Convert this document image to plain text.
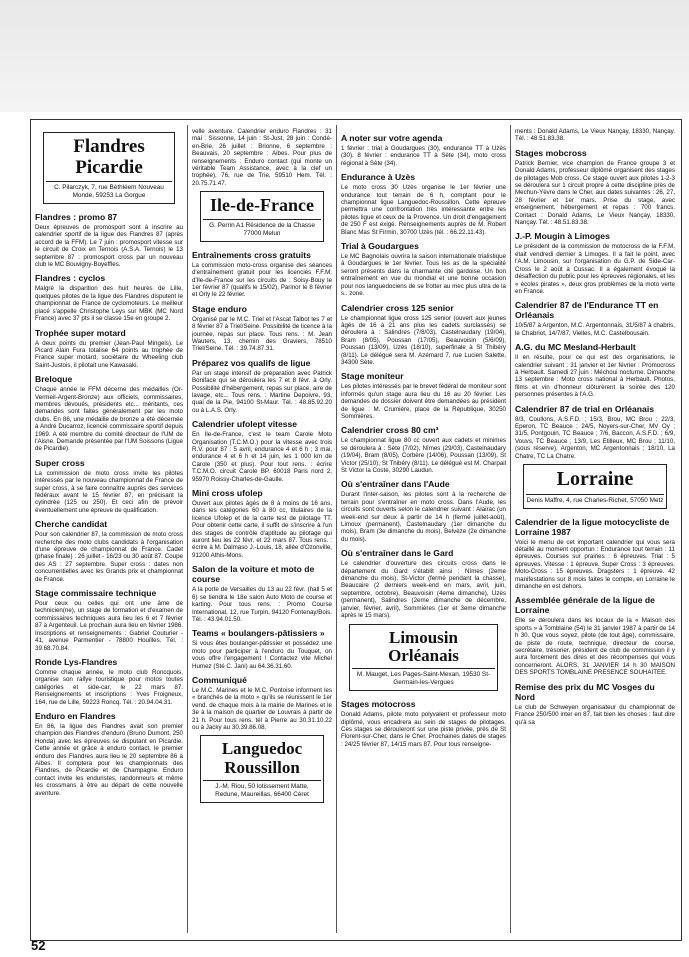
Flandres Picardie
C. Pilarczyk, 7, rue Béthléem Nouveau Monde, 59253 La Gorgue
Flandres : promo 87

Deux épreuves de promosport sont à inscrire au calendrier sportif de la ligue des Flandres 87 (après accord de la FFM). Le 7 juin : promosport vitesse sur le circuit de Croix en Ternois (A.S.A. Ternois) le 13 septembre 87 : promosport cross par un nouveau club le MC Bouvigny-Boyeffles.

Flandres : cyclos

Malgré la disparition des huit heures de Lille, quelques pilotes de la ligue des Flandres disputent le championnat de France de cyclomoteurs. Le meilleur placé s'appelle Christophe Leys sur MBK (MC Nord France) avec 37 pts il se classe 15e en groupe 2.

Trophée super motard

A deux points du premier (Jean-Paul Mingels). Le Picard Alain Fura totalise 64 points au trophée de France super motard, sociétaire du Wheeling club Saint-Justois, il pilotait une Kawasaki.

Breloque

Chaque année le FFM décerne des médailles (Or-Vermeil-Argent-Bronze) aux officiels, commissaires, membres dévoués, présidents etc... méritants, ces demandes sont faites généralement par les moto clubs. En 86, une médaille de bronze a été décernée à André Ducarroz, licencié commissaire sportif depuis 1969. A été membre du comité directeur de l'UM de l'Aisne. Demande présentée par l'UM Soissons (Ligue de Picardie).

Super cross

La commission de moto cross invite les pilotes intéressés par le nouveau championnat de France de super cross, à se faire connaître auprès des services fédéraux avant le 15 février 87, en précisant la cylindrée (125 ou 250). Et ceci afin de prévoir éventuellement une épreuve de qualification.

Cherche candidat

Pour son calendrier 87, la commission de moto cross recherche des moto clubs candidats à l'organisation d'une épreuve de championnat de France. Cadet (phase finale) : 26 juillet - 16/23 ou 30 août 87. Coupe des AS : 27 septembre. Super cross : dates non concurrentielles avec les Grands prix et championnat de France.

Stage commissaire technique

Pour ceux ou celles qui ont une âme de technicien(ne), un stage de formation et d'examen de commissaires techniques aura lieu les 6 et 7 février 87 à Argenteuil. Le prochain aura lieu en février 1986. Inscriptions et renseignements : Gabriel Couturier - 41, avenue Parmentier - 78800 Houilles. Tél. : 39.68.70.84.

Ronde Lys-Flandres

Comme chaque année, le moto club Roncquois, organise son rallye touristique pour motos toutes catégories et side-car, le 22 mars 87. Renseignements et inscriptions : Yves Froigneux, 164, rue de Lille, 59223 Roncq. Tél. : 20.94.04.31.

Enduro en Flandres

En 86, la ligue des Flandres avait son premier champion des Flandres d'enduro (Bruno Dumont, 250 Honda) avec les épreuves se disputant en Picardie. Cette année et grâce à enduro contact, le premier enduro des Flandres aura lieu le 20 septembre 86 à Aibes. Il comptera pour les championnats des Flandres, de Picardie et de Champagne. Enduro contact invite les enduristes, randonneurs et même les crossmans à être au départ de cette nouvelle aventure.

velle aventure. Calendrier enduro Flandres : 31 mai : Sissonne, 14 juin : St-Just, 28 juin : Condé-en-Brie, 26 juillet : Brionne, 6 septembre : Beauvais, 20 septembre : Aibes. Pour plus de renseignements : Enduro contact (qui monte un véritable Team Assistance, avec à la clef un trophée), 76, rue de Trie, 59510 Hem. Tél. : 20.75.71.47.

Ile-de-France
G. Perrin A1 Résidence de la Chasse 77000 Melun
Entraînements cross gratuits

La commission moto-cross organise des séances d'entraînement gratuit pour les licenciés F.F.M. d'Ile-de-France sur les circuits de : Soisy-Bouy le 1er février 87 (qualifs le 15/02), Parinor le 8 février et Orly le 22 février.

Stage enduro

Organisé par le M.C. Triel et l'Ascat Talbot les 7 et 8 février 87 à Triel/Seine. Possibilité de licence à la journée, repas sur place. Tous rens. : M. Jean Wauters, 13, chemin des Graviers, 78510 Triel/Seine. Tél. : 39.74.87.31.

Préparez vos qualifs de ligue

Par un stage intensif de préparation avec Patrick Boniface qui se déroulera les 7 et 8 févr. à Orly. Possibilité d'hébergement, repas sur place, aire de lavage, etc... Tous rens. : Martine Depoivre, 93, quai de la Pie, 94100 St-Maur. Tél. : 48.85.92.20 ou à L.A.S. Orly.

Calendrier ufolept vitesse

En Ile-de-France, c'est le team Carole Moto Organisation (T.C.M.O.) pour la vitesse avec trois R.V. pour 87 : 5 avril, endurance 4 et 6 h ; 3 mai, endurance 4 et 6 h et 14 juin, les 1 000 km de Carole (350 et plus). Pour tout rens. : écrire T.C.M.O. circuit Carole BP. 60018 Paris nord 2, 95970 Roissy-Charles-de-Gaulle.

Mini cross ufolep

Ouvert aux pilotes âgés de 8 à moins de 16 ans, dans les catégories 60 à 80 cc, titulaires de la licence Ufolep et de la carte test de pilotage TT. Pour obtenir cette carte, il suffit de s'inscrire à l'un des stages de contrôle d'aptitude au pilotage qui auront lieu les 22 févr. et 22 mars 87. Tous rens. : écrire à M. Dalmaso J.-Louis, 18, allée d'Ozonville, 91200 Athis-Mons.

Salon de la voiture et moto de course

A la porte de Versailles du 13 au 22 févr. (hall 5 et 6) se tiendra le 18e salon Auto Moto de course et karting. Pour tous rens. : Promo Course International, 12, rue Turpin, 94120 Fontenay/Bois. Tél. : 43.94.01.50.

Teams « boulangers-pâtissiers »

Si vous êtes boulanger-pâtissier et possédez une moto pour participer à l'enduro du Touquet, on vous offre l'engagement ! Contactez vite Michel Humez (Sté C. Jani) au 64.36.31.60.

Communiqué

Le M.C. Marines et le M.C. Pontoise informent les « branchés de la moto » qu'ils se réunissent le 1er vend. de chaque mois à la mairie de Marines et le 3e à la maison de quartier de Louvrais à partir de 21 h. Pour tous rens. tél à Pierre au 30.31.10.22 ou à Jacky au 30.39.86.08.

Languedoc Roussillon
J.-M. Riou, 50 lotissement Matte, Redune, Maureillas, 66400 Céret
A noter sur votre agenda

1 février : trial à Goudargues (30), endurance TT à Uzès (30). 8 février : endurance TT à Sète (34), moto cross régional à Sète (34).

Endurance à Uzès

Le moto cross 30 Uzès organise le 1er février une endurance tout terrain de 6 h, comptant pour le championnat ligue Languedoc-Roussillon. Cette épreuve permettra une confrontation très intéressante entre les pilotes ligue et ceux de la Provence. Un droit d'engagement de 250 F est exigé. Renseignements auprès de M. Robert Blanc Mas St Firmin, 30700 Uzès (tél. : 66.22.11.43).

Trial à Goudargues

Le MC Bagnolais ouvrira la saison internationale trialistique à Goudargues le 1er février. Tous les as de la spécialité seront présents dans la charmante cité gardoise. Un bon entraînement en vue du mondial et une bonne occasion pour nos languedociens de se frotter au mec plus ultra de la s.. zone.

Calendrier cross 125 senior

Le championnat ligue cross 125 senior (ouvert aux jeunes âgés de 16 à 21 ans plus les cadets surclassés) se déroulera à : Salindres (7/8/03), Castelnaudary (19/04), Bram (8/05), Poussan (17/05), Beauvoisin (5/6/09), Poussan (13/09), Uzès (18/10), superfinale à St Thibéry (8/11). Le délégué sera M. Azémard 7, rue Lucien Salette, 34300 Sète.

Stage moniteur

Les pilotes intéressés par le brevet fédéral de moniteur sont informés qu'un stage aura lieu du 16 au 20 février. Les demandes de dossier doivent être demandées au président de ligue : M. Crumière, place de la République, 30250 Sommières.

Calendrier cross 80 cm³

Le championnat ligue 80 cc ouvert aux cadets et minimes se déroulera à : Sète (7/02), Nîmes (29/03), Castelnaudary (19/04), Bram (8/05), Corbère (14/06), Poussan (13/09), St Victor (25/10), St Thibéry (8/11). Le délégué est M. Charpail St Victor la Coste, 30290 Laudun.

Où s'entraîner dans l'Aude

Durant l'inter-saison, les pilotes sont à la recherche de terrain pour s'entraîner en moto cross. Dans l'Aude, les circuits sont ouverts selon le calendrier suivant : Alairac (un week-end sur deux à partir de 14 h (fermé juillet-août), Limoux (permanent), Castelnaudary (1er dimanche du mois), Bram (3e dimanche du mois), Belvèze (2e dimanche du mois).

Où s'entraîner dans le Gard

Le calendrier d'ouverture des circuits cross dans le département du Gard s'établit ainsi : Nîmes (2eme dimanche du mois), St-Victor (fermé pendant la chasse), Beaucaire (2 derniers week-end en mars, avril, juin, septembre, octobre), Beauvoisin (4eme dimanche), Uzès (permanent), Salindres (2eme dimanche de décembre, janvier, février, avril), Sommières (1er et 3eme dimanche après le 15 mars).

Limousin Orléanais
M. Mauget, Les Pages-Saint-Mexan, 19530 St-Germain-les-Vergues
Stages motocross

Donald Adams, pilote moto polyvalent et professeur moto diplômé, vous encadrera au sein de stages de pilotages. Ces stages se dérouleront sur une piste privée, près de St Florent-sur-Cher, dans le Cher. Prochaines dates de stages : 24/25 février 87, 14/15 mars 87. Pour tous renseigne-

ments : Donald Adams, Le Vieux Nançay, 18330, Nançay. Tél. : 48.51.83.38.

Stages mobcross

Patrick Bernier, vice champion de France groupe 3 et Donald Adams, professeur diplômé organisent des stages de pilotages Mob cross. Ce stage ouvert aux pilotes 1-2-3 se déroulera sur 1 circuit propre à cette discipline près de Mechun-Yèvre dans le Cher, aux dates suivantes : 26, 27, 28 février et 1er mars. Prise du stage, avec enseignement, hébergement et repas : 700 francs. Contact : Donald Adams, Le Vieux Nançay, 18330, Nançay. Tél. : 48.51.83.38.

J.-P. Mougin à Limoges

Le président de la commission de motocross de la F.F.M. était vendredi dernier à Limoges. Il a fait le point, avec l'A.M. Limousin, sur l'organisation du G.P. de Side-Car-Cross le 2 août à Cussac. Il a également évoqué la désaffection du public pour les épreuves régionales, et les « écoles pirates », deux gros problèmes de la moto verte en France.

Calendrier 87 de l'Endurance TT en Orléanais

10/5/87 à Argenton, M.C. Argentonnais, 31/5/87 à chabris, le Chabriot, 14/7/87, Vielles, M.C. Castelbousain.

A.G. du MC Mesland-Herbault

Il en résulte, pour ce qui est des organisations, le calendrier suivant : 31 janvier et 1er février : Promocross à Herbault. Samedi 27 juin : Méchoui nocturne. Dimanche 13 septembre : Moto cross national à Herbault. Photos, films et vin d'honneur clôturèrent la soirée des 120 personnes présentes à l'A.G.

Calendrier 87 de trial en Orléanais

8/3, Coullons, A.S.F.D. ; 15/3, Brou, MC Brou ; 22/3, Eperon, TC Beauce ; 24/5, Noyers-sur-Cher, MV Oy ; 31/5, Pontgouin, TC Beauce ; 7/6, Baccon, A.S.F.D. ; 6/9, Vouvs, TC Beauce ; 13/9, Les Etilleux, MC Brou ; 11/10, (sous réserve), Argenton, MC Argentonnais ; 18/10, La Chatre, TC La Chatre.

Lorraine
Denis Maffre, 4, rue Charles-Richet, 57050 Metz
Calendrier de la ligue motocycliste de Lorraine 1987

Voici le menu de cet important calendrier qui vous sera détaillé au moment opportun : Endurance tout terrain : 11 épreuves. Courses sur prairies : 6 épreuves. Trial : 5 épreuves. Vitesse : 1 épreuve. Super Cross : 3 épreuves. Moto-Cross : 15 épreuves. Dragsters : 1 épreuve. 42 manifestations sur 8 mois faites le compte, en Lorraine le dimanche en est dehors.

Assemblée générale de la ligue de Lorraine

Elle se déroulera dans les locaux de la « Maison des sports » à Tomblaine (54) le 31 janvier 1987 à partir de 14 h 30. Que vous soyez, pilote (de tout âge), commissaire, de piste de route, technique, directeur de course, secrétaire, trésorier, président de club de commission il y aura forcément des dires et des récompenses qui vous concerneront. ALORS, 31 JANVIER 14 h 30 MAISON DES SPORTS TOMBLAINE PRESENCE SOUHAITEE.

Remise des prix du MC Vosges du Nord

Le club de Schweyen organisateur du championnat de France 250/500 inter en 87, fait bien les choses : faut dire qu'à sa

52
